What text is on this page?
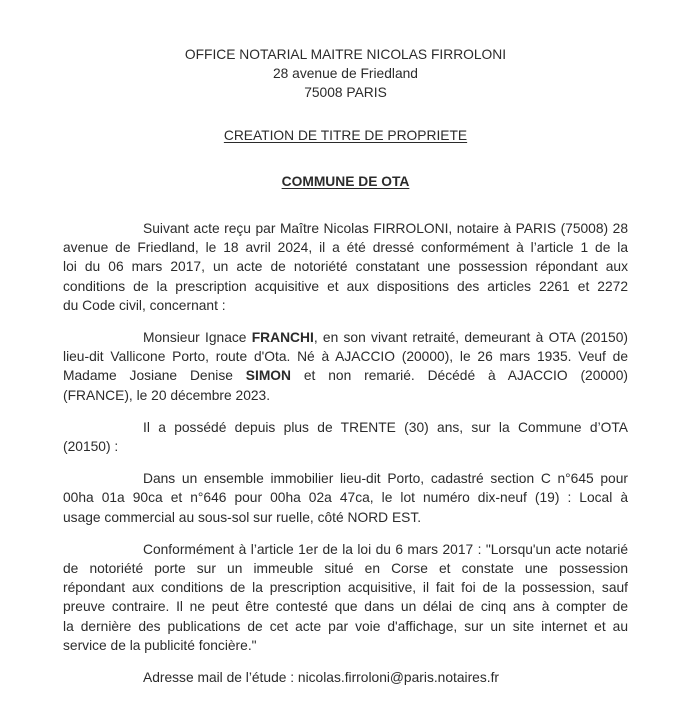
OFFICE NOTARIAL MAITRE NICOLAS FIRROLONI
28 avenue de Friedland
75008 PARIS
CREATION DE TITRE DE PROPRIETE
COMMUNE DE OTA
Suivant acte reçu par Maître Nicolas FIRROLONI, notaire à PARIS (75008) 28
avenue de Friedland, le 18 avril 2024, il a été dressé conformément à l’article 1 de la
loi du 06 mars 2017, un acte de notoriété constatant une possession répondant aux
conditions de la prescription acquisitive et aux dispositions des articles 2261 et 2272
du Code civil, concernant :
Monsieur Ignace FRANCHI, en son vivant retraité, demeurant à OTA (20150)
lieu-dit Vallicone Porto, route d'Ota. Né à AJACCIO (20000), le 26 mars 1935. Veuf de
Madame Josiane Denise SIMON et non remarié. Décédé à AJACCIO (20000)
(FRANCE), le 20 décembre 2023.
Il a possédé depuis plus de TRENTE (30) ans, sur la Commune d’OTA
(20150) :
Dans un ensemble immobilier lieu-dit Porto, cadastré section C n°645 pour
00ha 01a 90ca et n°646 pour 00ha 02a 47ca, le lot numéro dix-neuf (19) : Local à
usage commercial au sous-sol sur ruelle, côté NORD EST.
Conformément à l’article 1er de la loi du 6 mars 2017 : "Lorsqu'un acte notarié
de notoriété porte sur un immeuble situé en Corse et constate une possession
répondant aux conditions de la prescription acquisitive, il fait foi de la possession, sauf
preuve contraire. Il ne peut être contesté que dans un délai de cinq ans à compter de
la dernière des publications de cet acte par voie d'affichage, sur un site internet et au
service de la publicité foncière."
Adresse mail de l’étude : nicolas.firroloni@paris.notaires.fr
